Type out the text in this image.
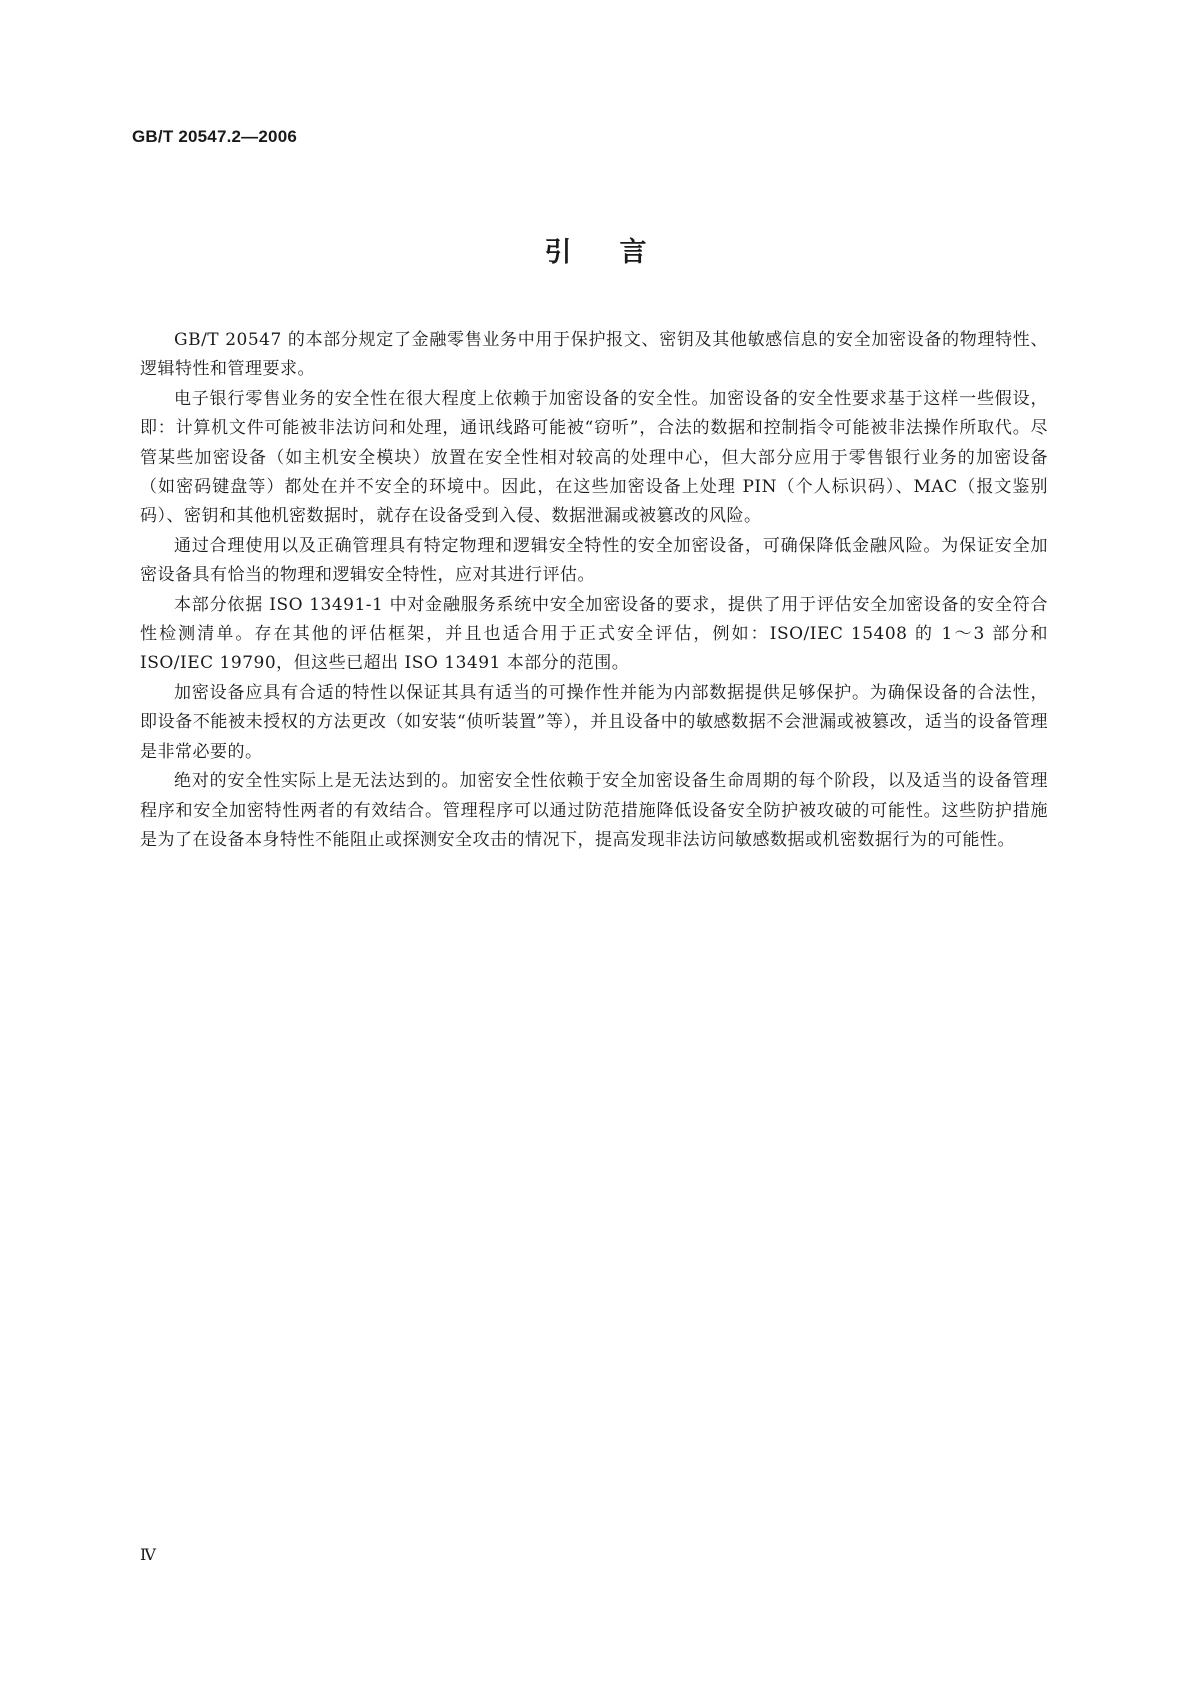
GB/T 20547.2—2006
引言

GB/T 20547 的本部分规定了金融零售业务中用于保护报文、密钥及其他敏感信息的安全加密设备的物理特性、逻辑特性和管理要求。

电子银行零售业务的安全性在很大程度上依赖于加密设备的安全性。加密设备的安全性要求基于这样一些假设，即：计算机文件可能被非法访问和处理，通讯线路可能被“窃听”，合法的数据和控制指令可能被非法操作所取代。尽管某些加密设备（如主机安全模块）放置在安全性相对较高的处理中心，但大部分应用于零售银行业务的加密设备（如密码键盘等）都处在并不安全的环境中。因此，在这些加密设备上处理 PIN（个人标识码）、MAC（报文鉴别码）、密钥和其他机密数据时，就存在设备受到入侵、数据泄漏或被篡改的风险。

通过合理使用以及正确管理具有特定物理和逻辑安全特性的安全加密设备，可确保降低金融风险。为保证安全加密设备具有恰当的物理和逻辑安全特性，应对其进行评估。

本部分依据 ISO 13491-1 中对金融服务系统中安全加密设备的要求，提供了用于评估安全加密设备的安全符合性检测清单。存在其他的评估框架，并且也适合用于正式安全评估，例如：ISO/IEC 15408 的 1～3 部分和 ISO/IEC 19790，但这些已超出 ISO 13491 本部分的范围。

加密设备应具有合适的特性以保证其具有适当的可操作性并能为内部数据提供足够保护。为确保设备的合法性，即设备不能被未授权的方法更改（如安装“侦听装置”等），并且设备中的敏感数据不会泄漏或被篡改，适当的设备管理是非常必要的。

绝对的安全性实际上是无法达到的。加密安全性依赖于安全加密设备生命周期的每个阶段，以及适当的设备管理程序和安全加密特性两者的有效结合。管理程序可以通过防范措施降低设备安全防护被攻破的可能性。这些防护措施是为了在设备本身特性不能阻止或探测安全攻击的情况下，提高发现非法访问敏感数据或机密数据行为的可能性。

Ⅳ
